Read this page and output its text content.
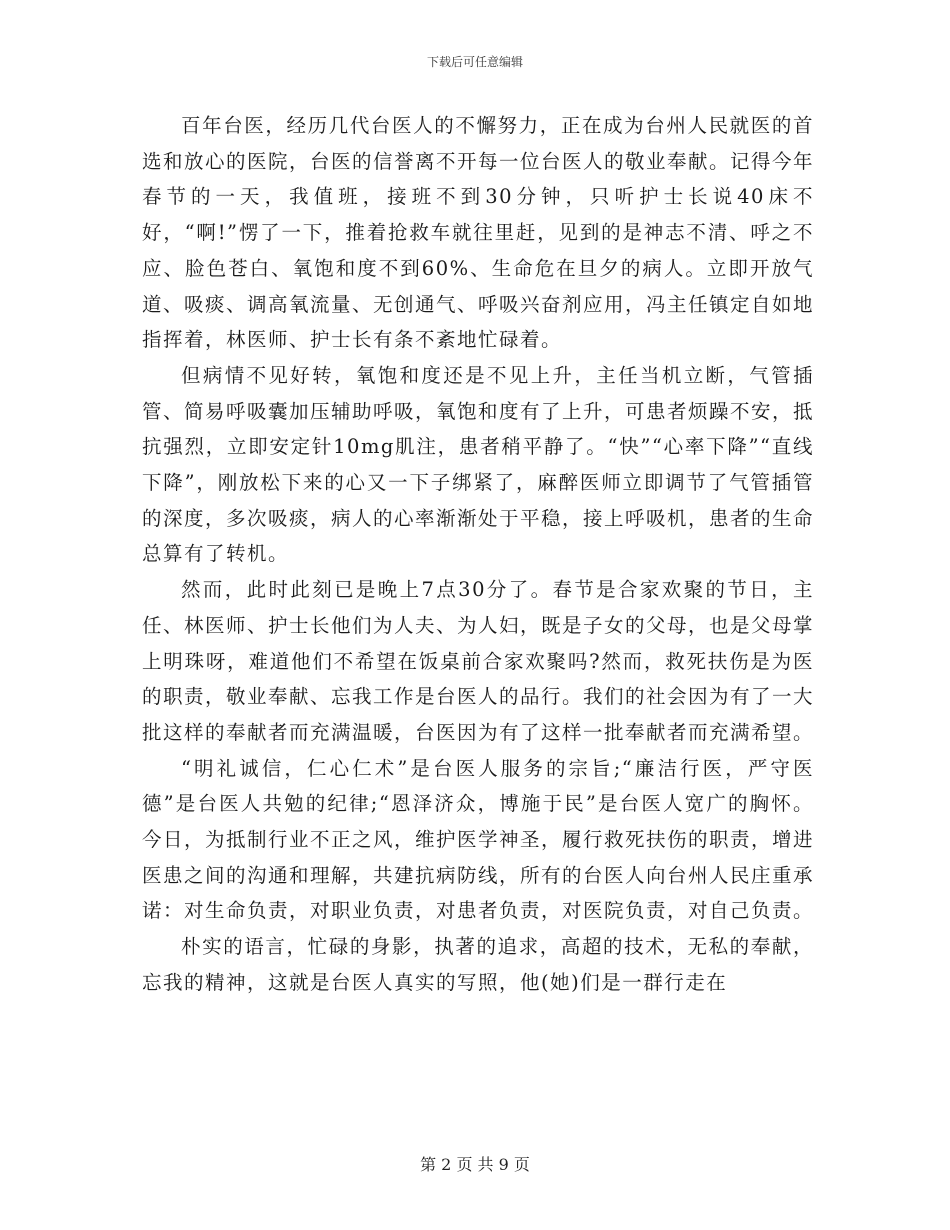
下载后可任意编辑

百年台医，经历几代台医人的不懈努力，正在成为台州人民就医的首选和放心的医院，台医的信誉离不开每一位台医人的敬业奉献。记得今年春节的一天，我值班，接班不到30分钟，只听护士长说40床不好，“啊!”愣了一下，推着抢救车就往里赶，见到的是神志不清、呼之不应、脸色苍白、氧饱和度不到60%、生命危在旦夕的病人。立即开放气道、吸痰、调高氧流量、无创通气、呼吸兴奋剂应用，冯主任镇定自如地指挥着，林医师、护士长有条不紊地忙碌着。

但病情不见好转，氧饱和度还是不见上升，主任当机立断，气管插管、简易呼吸囊加压辅助呼吸，氧饱和度有了上升，可患者烦躁不安，抵抗强烈，立即安定针10mg肌注，患者稍平静了。“快”“心率下降”“直线下降”，刚放松下来的心又一下子绑紧了，麻醉医师立即调节了气管插管的深度，多次吸痰，病人的心率渐渐处于平稳，接上呼吸机，患者的生命总算有了转机。

然而，此时此刻已是晚上7点30分了。春节是合家欢聚的节日，主任、林医师、护士长他们为人夫、为人妇，既是子女的父母，也是父母掌上明珠呀，难道他们不希望在饭桌前合家欢聚吗?然而，救死扶伤是为医的职责，敬业奉献、忘我工作是台医人的品行。我们的社会因为有了一大批这样的奉献者而充满温暖，台医因为有了这样一批奉献者而充满希望。

“明礼诚信，仁心仁术”是台医人服务的宗旨;“廉洁行医，严守医德”是台医人共勉的纪律;“恩泽济众，博施于民”是台医人宽广的胸怀。今日，为抵制行业不正之风，维护医学神圣，履行救死扶伤的职责，增进医患之间的沟通和理解，共建抗病防线，所有的台医人向台州人民庄重承诺：对生命负责，对职业负责，对患者负责，对医院负责，对自己负责。

朴实的语言，忙碌的身影，执著的追求，高超的技术，无私的奉献，忘我的精神，这就是台医人真实的写照，他(她)们是一群行走在

第 2 页 共 9 页
